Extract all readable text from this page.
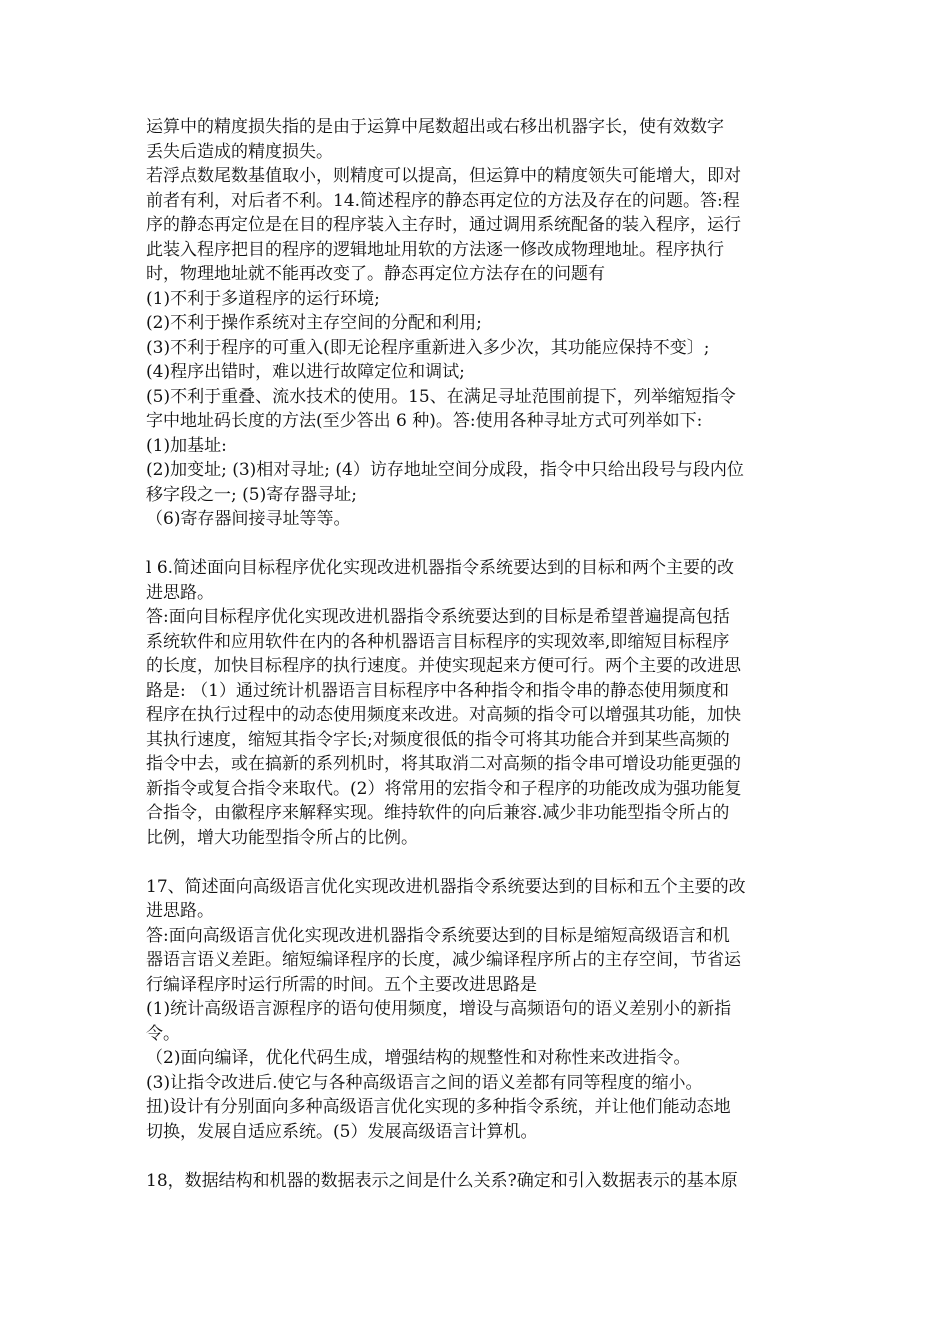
运算中的精度损失指的是由于运算中尾数超出或右移出机器字长，使有效数字
丢失后造成的精度损失。
若浮点数尾数基值取小，则精度可以提高，但运算中的精度领失可能增大，即对
前者有利，对后者不利。14.简述程序的静态再定位的方法及存在的问题。答:程
序的静态再定位是在目的程序装入主存时，通过调用系统配备的装入程序，运行
此装入程序把目的程序的逻辑地址用软的方法逐一修改成物理地址。程序执行
时，物理地址就不能再改变了。静态再定位方法存在的问题有
(1)不利于多道程序的运行环境;
(2)不利于操作系统对主存空间的分配和利用;
(3)不利于程序的可重入(即无论程序重新进入多少次，其功能应保持不变〕;
(4)程序出错时，难以进行故障定位和调试;
(5)不利于重叠、流水技术的使用。15、在满足寻址范围前提下，列举缩短指令
字中地址码长度的方法(至少答出 6 种)。答:使用各种寻址方式可列举如下:
(1)加基址:
(2)加变址; (3)相对寻址; (4）访存地址空间分成段，指令中只给出段号与段内位
移字段之一; (5)寄存器寻址;
（6)寄存器间接寻址等等。
l 6.简述面向目标程序优化实现改进机器指令系统要达到的目标和两个主要的改
进思路。
答:面向目标程序优化实现改进机器指令系统要达到的目标是希望普遍提高包括
系统软件和应用软件在内的各种机器语言目标程序的实现效率,即缩短目标程序
的长度，加快目标程序的执行速度。并使实现起来方便可行。两个主要的改进思
路是: （1）通过统计机器语言目标程序中各种指令和指令串的静态使用频度和
程序在执行过程中的动态使用频度来改进。对高频的指令可以增强其功能，加快
其执行速度，缩短其指令字长;对频度很低的指令可将其功能合并到某些高频的
指令中去，或在搞新的系列机时，将其取消二对高频的指令串可增设功能更强的
新指令或复合指令来取代。(2）将常用的宏指令和子程序的功能改成为强功能复
合指令，由徽程序来解释实现。维持软件的向后兼容.减少非功能型指令所占的
比例，增大功能型指令所占的比例。
17、简述面向高级语言优化实现改进机器指令系统要达到的目标和五个主要的改
进思路。
答:面向高级语言优化实现改进机器指令系统要达到的目标是缩短高级语言和机
器语言语义差距。缩短编译程序的长度，减少编译程序所占的主存空间，节省运
行编译程序时运行所需的时间。五个主要改进思路是
(1)统计高级语言源程序的语句使用频度，增设与高频语句的语义差别小的新指
令。
（2)面向编译，优化代码生成，增强结构的规整性和对称性来改进指令。
(3)让指令改进后.使它与各种高级语言之间的语义差都有同等程度的缩小。
扭)设计有分别面向多种高级语言优化实现的多种指令系统，并让他们能动态地
切换，发展自适应系统。(5）发展高级语言计算机。
18，数据结构和机器的数据表示之间是什么关系?确定和引入数据表示的基本原
